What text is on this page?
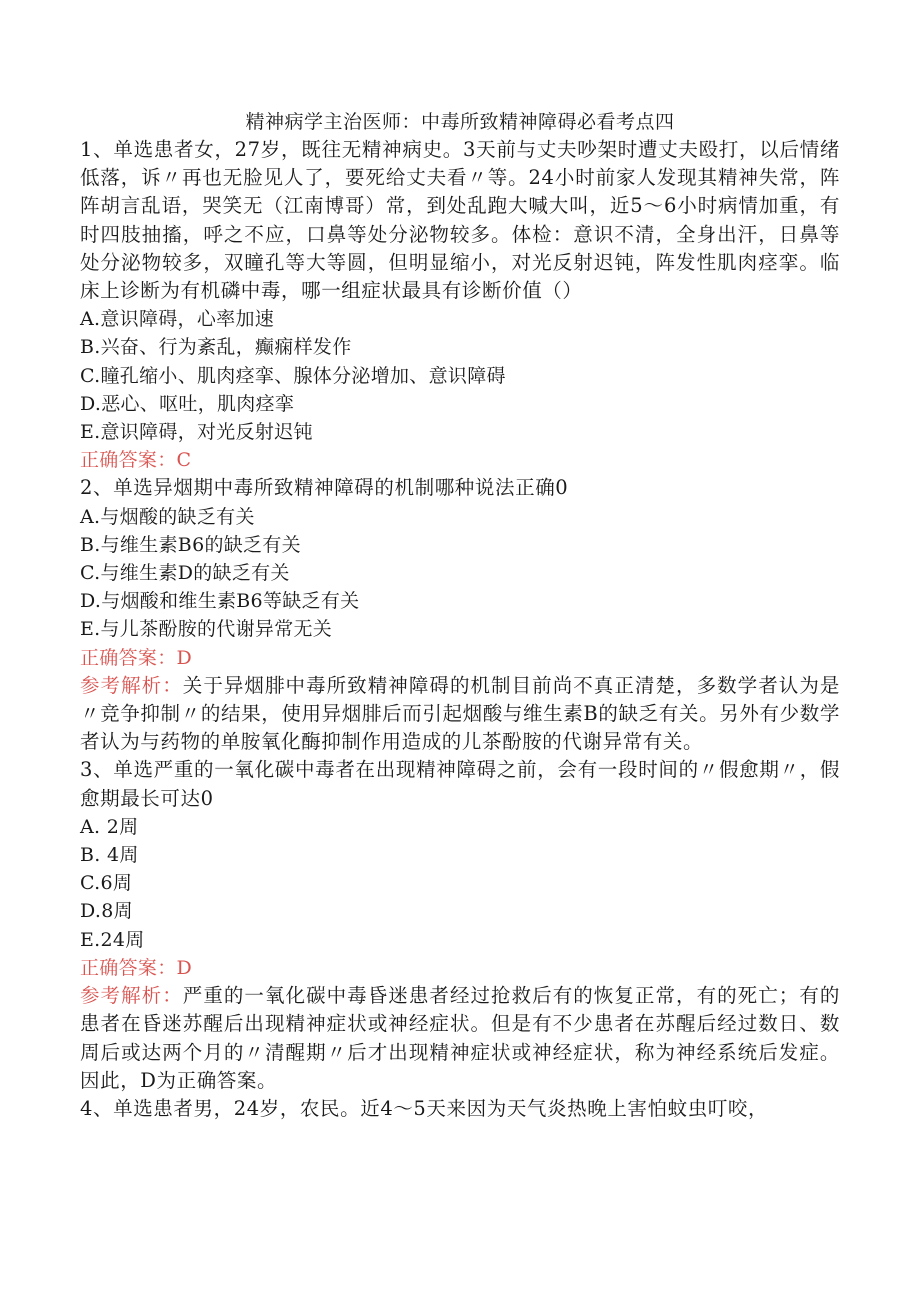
精神病学主治医师：中毒所致精神障碍必看考点四

1、单选患者女，27岁，既往无精神病史。3天前与丈夫吵架时遭丈夫殴打，以后情绪低落，诉〃再也无脸见人了，要死给丈夫看〃等。24小时前家人发现其精神失常，阵阵胡言乱语，哭笑无（江南博哥）常，到处乱跑大喊大叫，近5～6小时病情加重，有时四肢抽搐，呼之不应，口鼻等处分泌物较多。体检：意识不清，全身出汗，日鼻等处分泌物较多，双瞳孔等大等圆，但明显缩小，对光反射迟钝，阵发性肌肉痉挛。临床上诊断为有机磷中毒，哪一组症状最具有诊断价值（）

A.意识障碍，心率加速

B.兴奋、行为紊乱，癫痫样发作

C.瞳孔缩小、肌肉痉挛、腺体分泌增加、意识障碍

D.恶心、呕吐，肌肉痉挛

E.意识障碍，对光反射迟钝

正确答案：C

2、单选异烟期中毒所致精神障碍的机制哪种说法正确0

A.与烟酸的缺乏有关

B.与维生素B6的缺乏有关

C.与维生素D的缺乏有关

D.与烟酸和维生素B6等缺乏有关

E.与儿茶酚胺的代谢异常无关

正确答案：D

参考解析：关于异烟腓中毒所致精神障碍的机制目前尚不真正清楚，多数学者认为是〃竞争抑制〃的结果，使用异烟腓后而引起烟酸与维生素B的缺乏有关。另外有少数学者认为与药物的单胺氧化酶抑制作用造成的儿茶酚胺的代谢异常有关。

3、单选严重的一氧化碳中毒者在出现精神障碍之前，会有一段时间的〃假愈期〃，假愈期最长可达0

A. 2周

B. 4周

C.6周

D.8周

E.24周

正确答案：D

参考解析：严重的一氧化碳中毒昏迷患者经过抢救后有的恢复正常，有的死亡；有的患者在昏迷苏醒后出现精神症状或神经症状。但是有不少患者在苏醒后经过数日、数周后或达两个月的〃清醒期〃后才出现精神症状或神经症状，称为神经系统后发症。因此，D为正确答案。

4、单选患者男，24岁，农民。近4～5天来因为天气炎热晚上害怕蚊虫叮咬，
